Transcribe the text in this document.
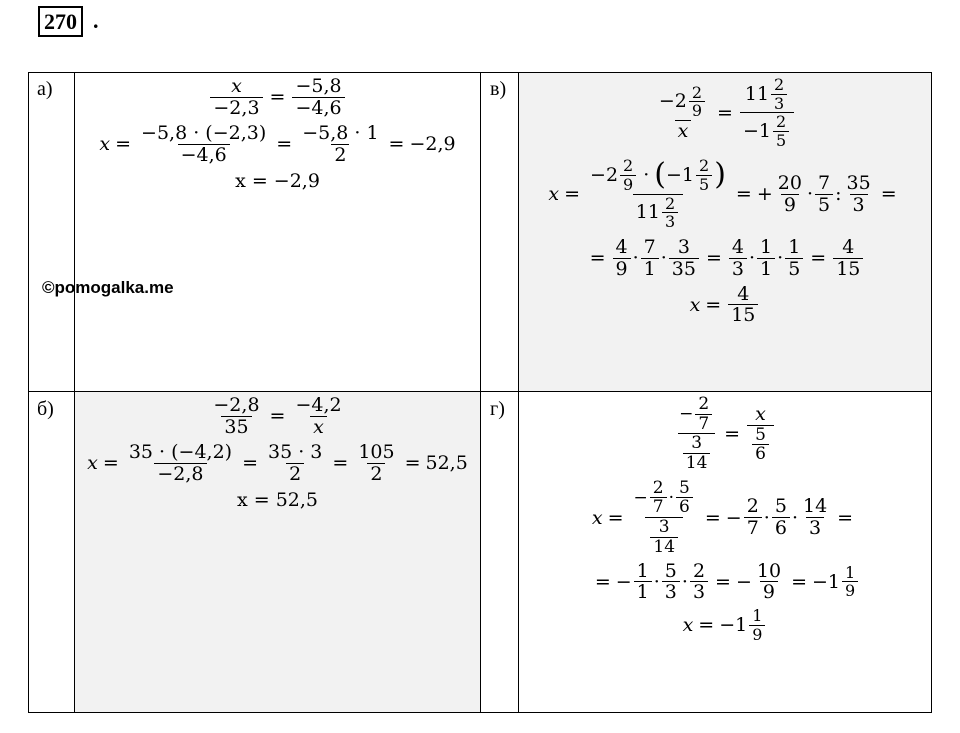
270 .
а)	в)
б)	г)
©pomogalka.me
$\frac{x}{-2,3} = \frac{-5,8}{-4,6}$
$x = \frac{-5,8 \cdot (-2,3)}{-4,6} = \frac{-5,8 \cdot 1}{2} = -2,9$
x = −2,9
$\frac{-2,8}{35} = \frac{-4,2}{x}$
$x = \frac{35 \cdot (-4,2)}{-2,8} = \frac{35 \cdot 3}{2} = \frac{105}{2} = 52,5$
x = 52,5
$\frac{-2 \frac{2}{9}}{x} = \frac{11 \frac{2}{3}}{-1 \frac{2}{5}}$
$x = \frac{-2 \frac{2}{9} \cdot ( -1 \frac{2}{5} )}{11 \frac{2}{3}}$ = + $\frac{20}{9} \cdot \frac{7}{5}$ : $\frac{35}{3}$ =
= $\frac{4}{9} \cdot \frac{7}{1} \cdot \frac{3}{35} = \frac{4}{3} \cdot \frac{1}{1} \cdot \frac{1}{5} = \frac{4}{15}$
$x = \frac{4}{15}$
$\frac{- \frac{2}{7}}{\frac{3}{14}} = \frac{x}{\frac{5}{6}}$
$x = \frac{- \frac{2}{7} \cdot \frac{5}{6}}{\frac{3}{14}}$ = − $\frac{2}{7} \cdot \frac{5}{6} \cdot \frac{14}{3}$ =
= − $\frac{1}{1} \cdot \frac{5}{3} \cdot \frac{2}{3}$ = − $\frac{10}{9} = -1 \frac{1}{9}$
$x = -1 \frac{1}{9}$
